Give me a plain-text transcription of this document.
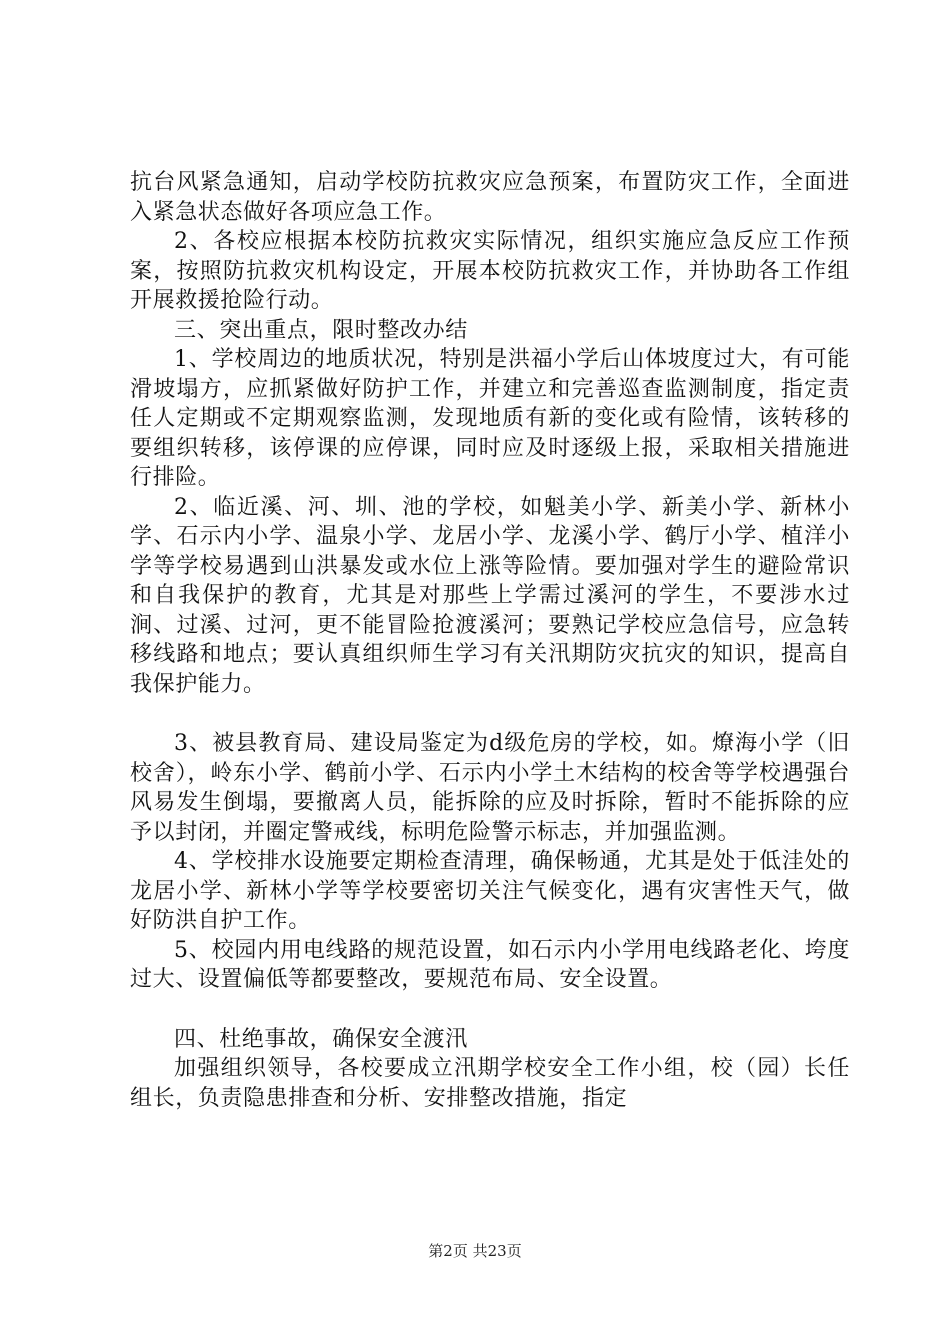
抗台风紧急通知，启动学校防抗救灾应急预案，布置防灾工作，全面进入紧急状态做好各项应急工作。

2、各校应根据本校防抗救灾实际情况，组织实施应急反应工作预案，按照防抗救灾机构设定，开展本校防抗救灾工作，并协助各工作组开展救援抢险行动。

三、突出重点，限时整改办结

1、学校周边的地质状况，特别是洪福小学后山体坡度过大，有可能滑坡塌方，应抓紧做好防护工作，并建立和完善巡查监测制度，指定责任人定期或不定期观察监测，发现地质有新的变化或有险情，该转移的要组织转移，该停课的应停课，同时应及时逐级上报，采取相关措施进行排险。

2、临近溪、河、圳、池的学校，如魁美小学、新美小学、新林小学、石示内小学、温泉小学、龙居小学、龙溪小学、鹤厅小学、植洋小学等学校易遇到山洪暴发或水位上涨等险情。要加强对学生的避险常识和自我保护的教育，尤其是对那些上学需过溪河的学生，不要涉水过涧、过溪、过河，更不能冒险抢渡溪河；要熟记学校应急信号，应急转移线路和地点；要认真组织师生学习有关汛期防灾抗灾的知识，提高自我保护能力。

3、被县教育局、建设局鉴定为d级危房的学校，如。燎海小学（旧校舍），岭东小学、鹤前小学、石示内小学土木结构的校舍等学校遇强台风易发生倒塌，要撤离人员，能拆除的应及时拆除，暂时不能拆除的应予以封闭，并圈定警戒线，标明危险警示标志，并加强监测。

4、学校排水设施要定期检查清理，确保畅通，尤其是处于低洼处的龙居小学、新林小学等学校要密切关注气候变化，遇有灾害性天气，做好防洪自护工作。

5、校园内用电线路的规范设置，如石示内小学用电线路老化、垮度过大、设置偏低等都要整改，要规范布局、安全设置。

四、杜绝事故，确保安全渡汛

加强组织领导，各校要成立汛期学校安全工作小组，校（园）长任组长，负责隐患排查和分析、安排整改措施，指定

第2页 共23页
